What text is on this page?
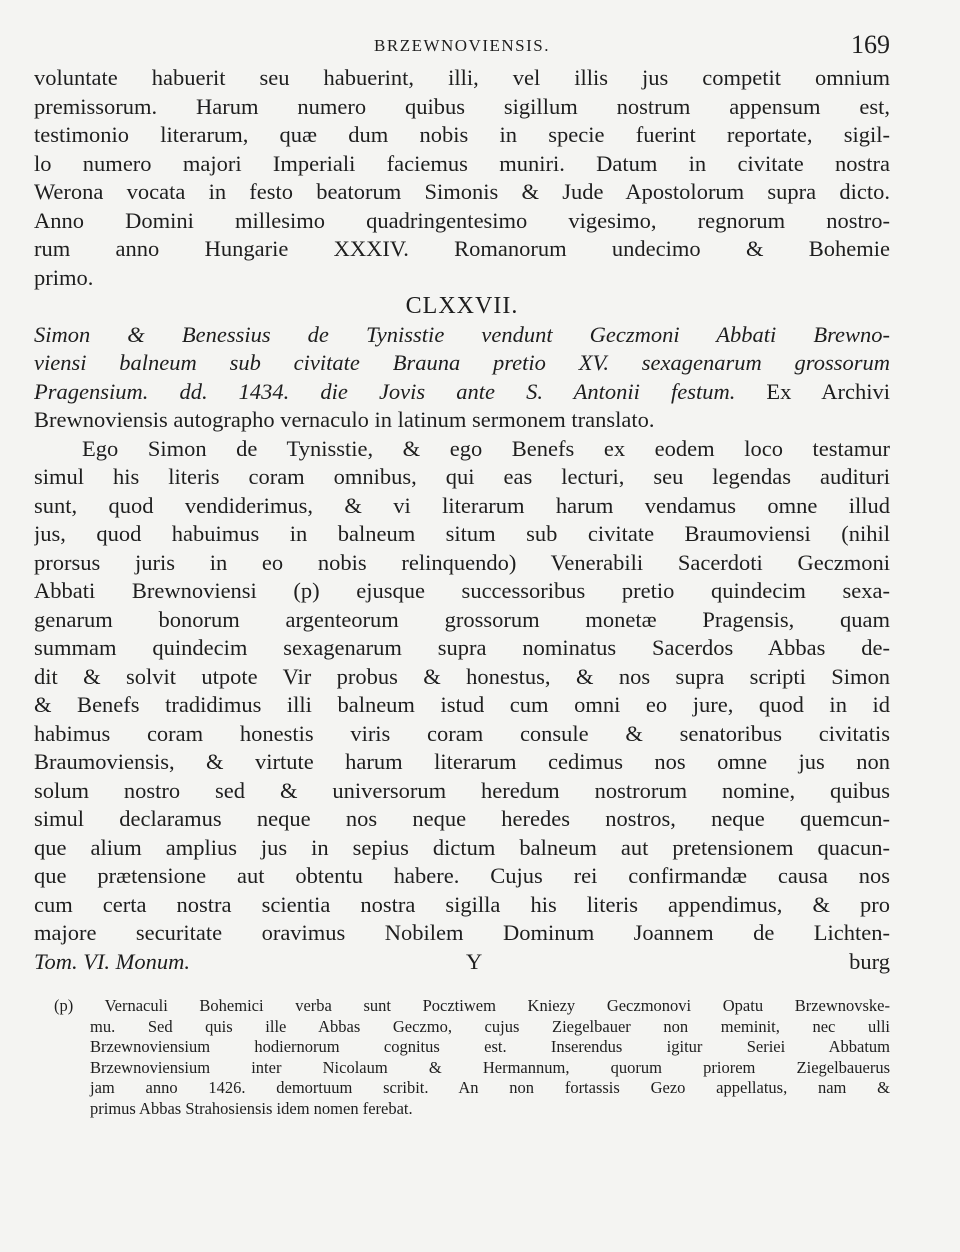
BRZEWNOVIENSIS.	169
voluntate habuerit seu habuerint, illi, vel illis jus competit omnium
premissorum. Harum numero quibus sigillum nostrum appensum est,
testimonio literarum, quæ dum nobis in specie fuerint reportate, sigil-
lo numero majori Imperiali faciemus muniri. Datum in civitate nostra
Werona vocata in festo beatorum Simonis & Jude Apostolorum supra dicto.
Anno Domini millesimo quadringentesimo vigesimo, regnorum nostro-
rum anno Hungarie XXXIV. Romanorum undecimo & Bohemie
primo.
CLXXVII.
Simon & Benessius de Tynisstie vendunt Geczmoni Abbati Brewno-
viensi balneum sub civitate Brauna pretio XV. sexagenarum grossorum
Pragensium. dd. 1434. die Jovis ante S. Antonii festum. Ex Archivi
Brewnoviensis autographo vernaculo in latinum sermonem translato.
Ego Simon de Tynisstie, & ego Benefs ex eodem loco testamur
simul his literis coram omnibus, qui eas lecturi, seu legendas audituri
sunt, quod vendiderimus, & vi literarum harum vendamus omne illud
jus, quod habuimus in balneum situm sub civitate Braumoviensi (nihil
prorsus juris in eo nobis relinquendo) Venerabili Sacerdoti Geczmoni
Abbati Brewnoviensi (p) ejusque successoribus pretio quindecim sexa-
genarum bonorum argenteorum grossorum monetæ Pragensis, quam
summam quindecim sexagenarum supra nominatus Sacerdos Abbas de-
dit & solvit utpote Vir probus & honestus, & nos supra scripti Simon
& Benefs tradidimus illi balneum istud cum omni eo jure, quod in id
habimus coram honestis viris coram consule & senatoribus civitatis
Braumoviensis, & virtute harum literarum cedimus nos omne jus non
solum nostro sed & universorum heredum nostrorum nomine, quibus
simul declaramus neque nos neque heredes nostros, neque quemcun-
que alium amplius jus in sepius dictum balneum aut pretensionem quacun-
que prætensione aut obtentu habere. Cujus rei confirmandæ causa nos
cum certa nostra scientia nostra sigilla his literis appendimus, & pro
majore securitate oravimus Nobilem Dominum Joannem de Lichten-
Tom. VI. Monum.	Y	burg
(p) Vernaculi Bohemici verba sunt Pocztiwem Kniezy Geczmonovi Opatu Brzewnovske-
mu. Sed quis ille Abbas Geczmo, cujus Ziegelbauer non meminit, nec ulli
Brzewnoviensium hodiernorum cognitus est. Inserendus igitur Seriei Abbatum
Brzewnoviensium inter Nicolaum & Hermannum, quorum priorem Ziegelbauerus
jam anno 1426. demortuum scribit. An non fortassis Gezo appellatus, nam &
primus Abbas Strahosiensis idem nomen ferebat.
